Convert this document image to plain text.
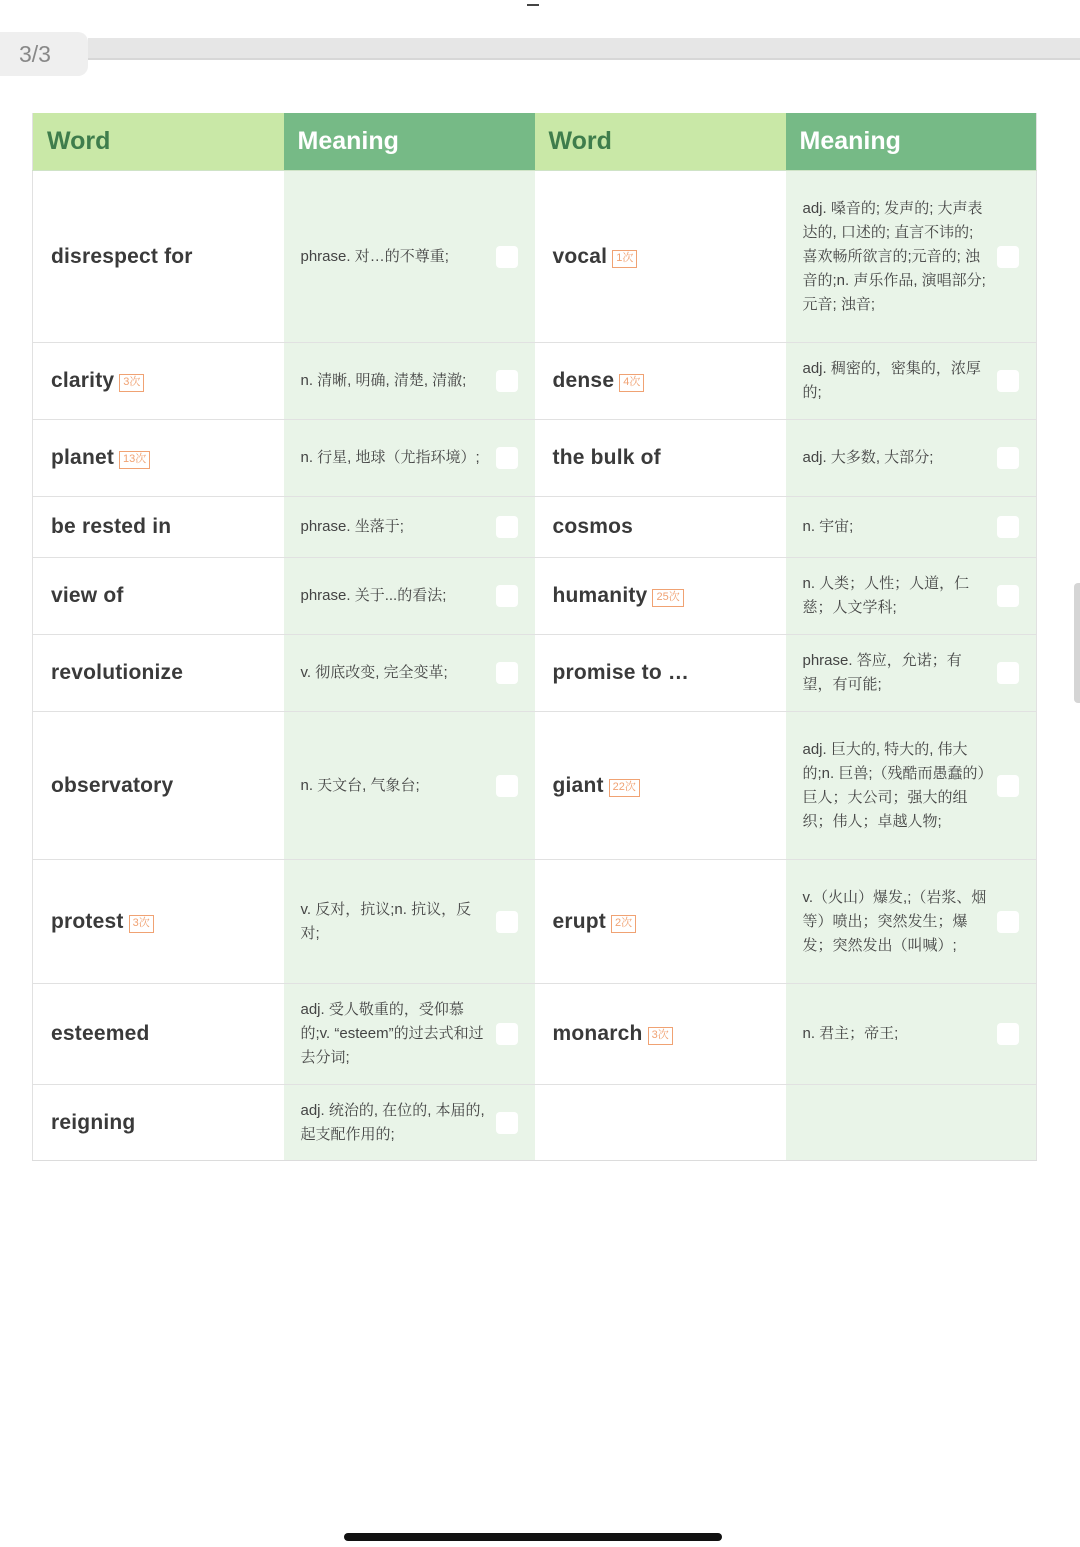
3/3
Word	Meaning	Word	Meaning
disrespect for	phrase. 对…的不尊重;	vocal 1次	adj. 嗓音的; 发声的; 大声表达的, 口述的; 直言不讳的; 喜欢畅所欲言的;元音的; 浊音的;n. 声乐作品, 演唱部分; 元音; 浊音;

clarity 3次	n. 清晰, 明确, 清楚, 清澈;	dense 4次	adj. 稠密的，密集的，浓厚的;

planet 13次	n. 行星, 地球（尤指环境）;	the bulk of	adj. 大多数, 大部分;

be rested in	phrase. 坐落于;	cosmos	n. 宇宙;

view of	phrase. 关于...的看法;	humanity 25次	n. 人类；人性；人道，仁慈；人文学科;

revolutionize	v. 彻底改变, 完全变革;	promise to …	phrase. 答应，允诺；有望，有可能;

observatory	n. 天文台, 气象台;	giant 22次	adj. 巨大的, 特大的, 伟大的;n. 巨兽;（残酷而愚蠢的）巨人；大公司；强大的组织；伟人；卓越人物;

protest 3次	v. 反对，抗议;n. 抗议，反对;	erupt 2次	v.（火山）爆发,;（岩浆、烟等）喷出；突然发生；爆发；突然发出（叫喊）;

esteemed	adj. 受人敬重的，受仰慕的;v. “esteem”的过去式和过去分词;	monarch 3次	n. 君主；帝王;

reigning	adj. 统治的, 在位的, 本届的, 起支配作用的;		
